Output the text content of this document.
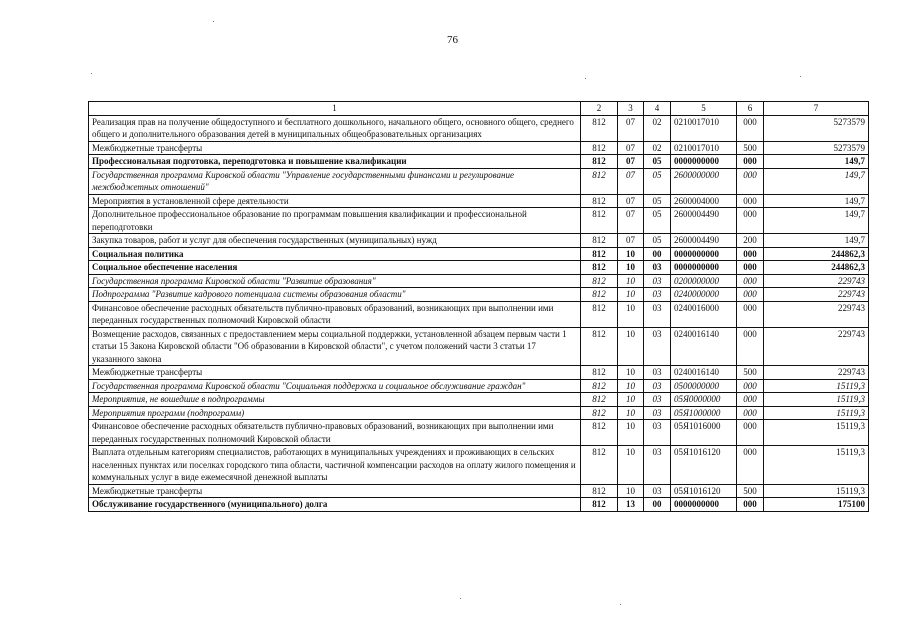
76
1	2	3	4	5	6	7
Реализация прав на получение общедоступного и бесплатного дошкольного, начального общего, основного общего, среднего общего и дополнительного образования детей в муниципальных общеобразовательных организациях	812	07	02	0210017010	000	5273579
Межбюджетные трансферты	812	07	02	0210017010	500	5273579
Профессиональная подготовка, переподготовка и повышение квалификации	812	07	05	0000000000	000	149,7
Государственная программа Кировской области "Управление государственными финансами и регулирование межбюджетных отношений"	812	07	05	2600000000	000	149,7
Мероприятия в установленной сфере деятельности	812	07	05	2600004000	000	149,7
Дополнительное профессиональное образование по программам повышения квалификации и профессиональной переподготовки	812	07	05	2600004490	000	149,7
Закупка товаров, работ и услуг для обеспечения государственных (муниципальных) нужд	812	07	05	2600004490	200	149,7
Социальная политика	812	10	00	0000000000	000	244862,3
Социальное обеспечение населения	812	10	03	0000000000	000	244862,3
Государственная программа Кировской области "Развитие образования"	812	10	03	0200000000	000	229743
Подпрограмма "Развитие кадрового потенциала системы образования области"	812	10	03	0240000000	000	229743
Финансовое обеспечение расходных обязательств публично-правовых образований, возникающих при выполнении ими переданных государственных полномочий Кировской области	812	10	03	0240016000	000	229743
Возмещение расходов, связанных с предоставлением меры социальной поддержки, установленной абзацем первым части 1 статьи 15 Закона Кировской области "Об образовании в Кировской области", с учетом положений части 3 статьи 17 указанного закона	812	10	03	0240016140	000	229743
Межбюджетные трансферты	812	10	03	0240016140	500	229743
Государственная программа Кировской области "Социальная поддержка и социальное обслуживание граждан"	812	10	03	0500000000	000	15119,3
Мероприятия, не вошедшие в подпрограммы	812	10	03	05Я0000000	000	15119,3
Мероприятия программ (подпрограмм)	812	10	03	05Я1000000	000	15119,3
Финансовое обеспечение расходных обязательств публично-правовых образований, возникающих при выполнении ими переданных государственных полномочий Кировской области	812	10	03	05Я1016000	000	15119,3
Выплата отдельным категориям специалистов, работающих в муниципальных учреждениях и проживающих в сельских населенных пунктах или поселках городского типа области, частичной компенсации расходов на оплату жилого помещения и коммунальных услуг в виде ежемесячной денежной выплаты	812	10	03	05Я1016120	000	15119,3
Межбюджетные трансферты	812	10	03	05Я1016120	500	15119,3
Обслуживание государственного (муниципального) долга	812	13	00	0000000000	000	175100
